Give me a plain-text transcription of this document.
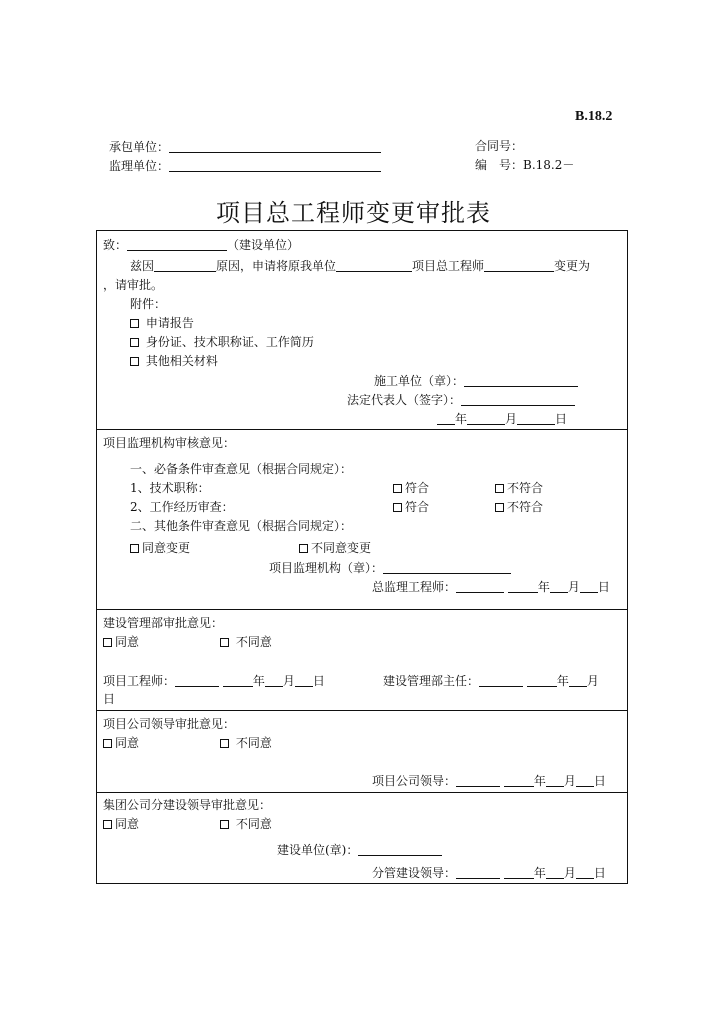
B.18.2
承包单位：
监理单位：
合同号：
编　号：B.18.2－
项目总工程师变更审批表
致：	（建设单位）
兹因	原因，申请将原我单位	项目总工程师	变更为
，请审批。
附件：
申请报告
身份证、技术职称证、工作简历
其他相关材料
施工单位（章）：
法定代表人（签字）：
年	月	日
项目监理机构审核意见：
一、必备条件审查意见（根据合同规定）：
1、技术职称：	符合	不符合
2、工作经历审查：	符合	不符合
二、其他条件审查意见（根据合同规定）：
同意变更	不同意变更
项目监理机构（章）：
总监理工程师：	年 月 日
建设管理部审批意见：
同意	不同意
项目工程师：	年 月 日	建设管理部主任：	年 月
日
项目公司领导审批意见：
同意	不同意
项目公司领导：	年 月 日
集团公司分建设领导审批意见：
同意	不同意
建设单位(章)：
分管建设领导：	年 月 日
